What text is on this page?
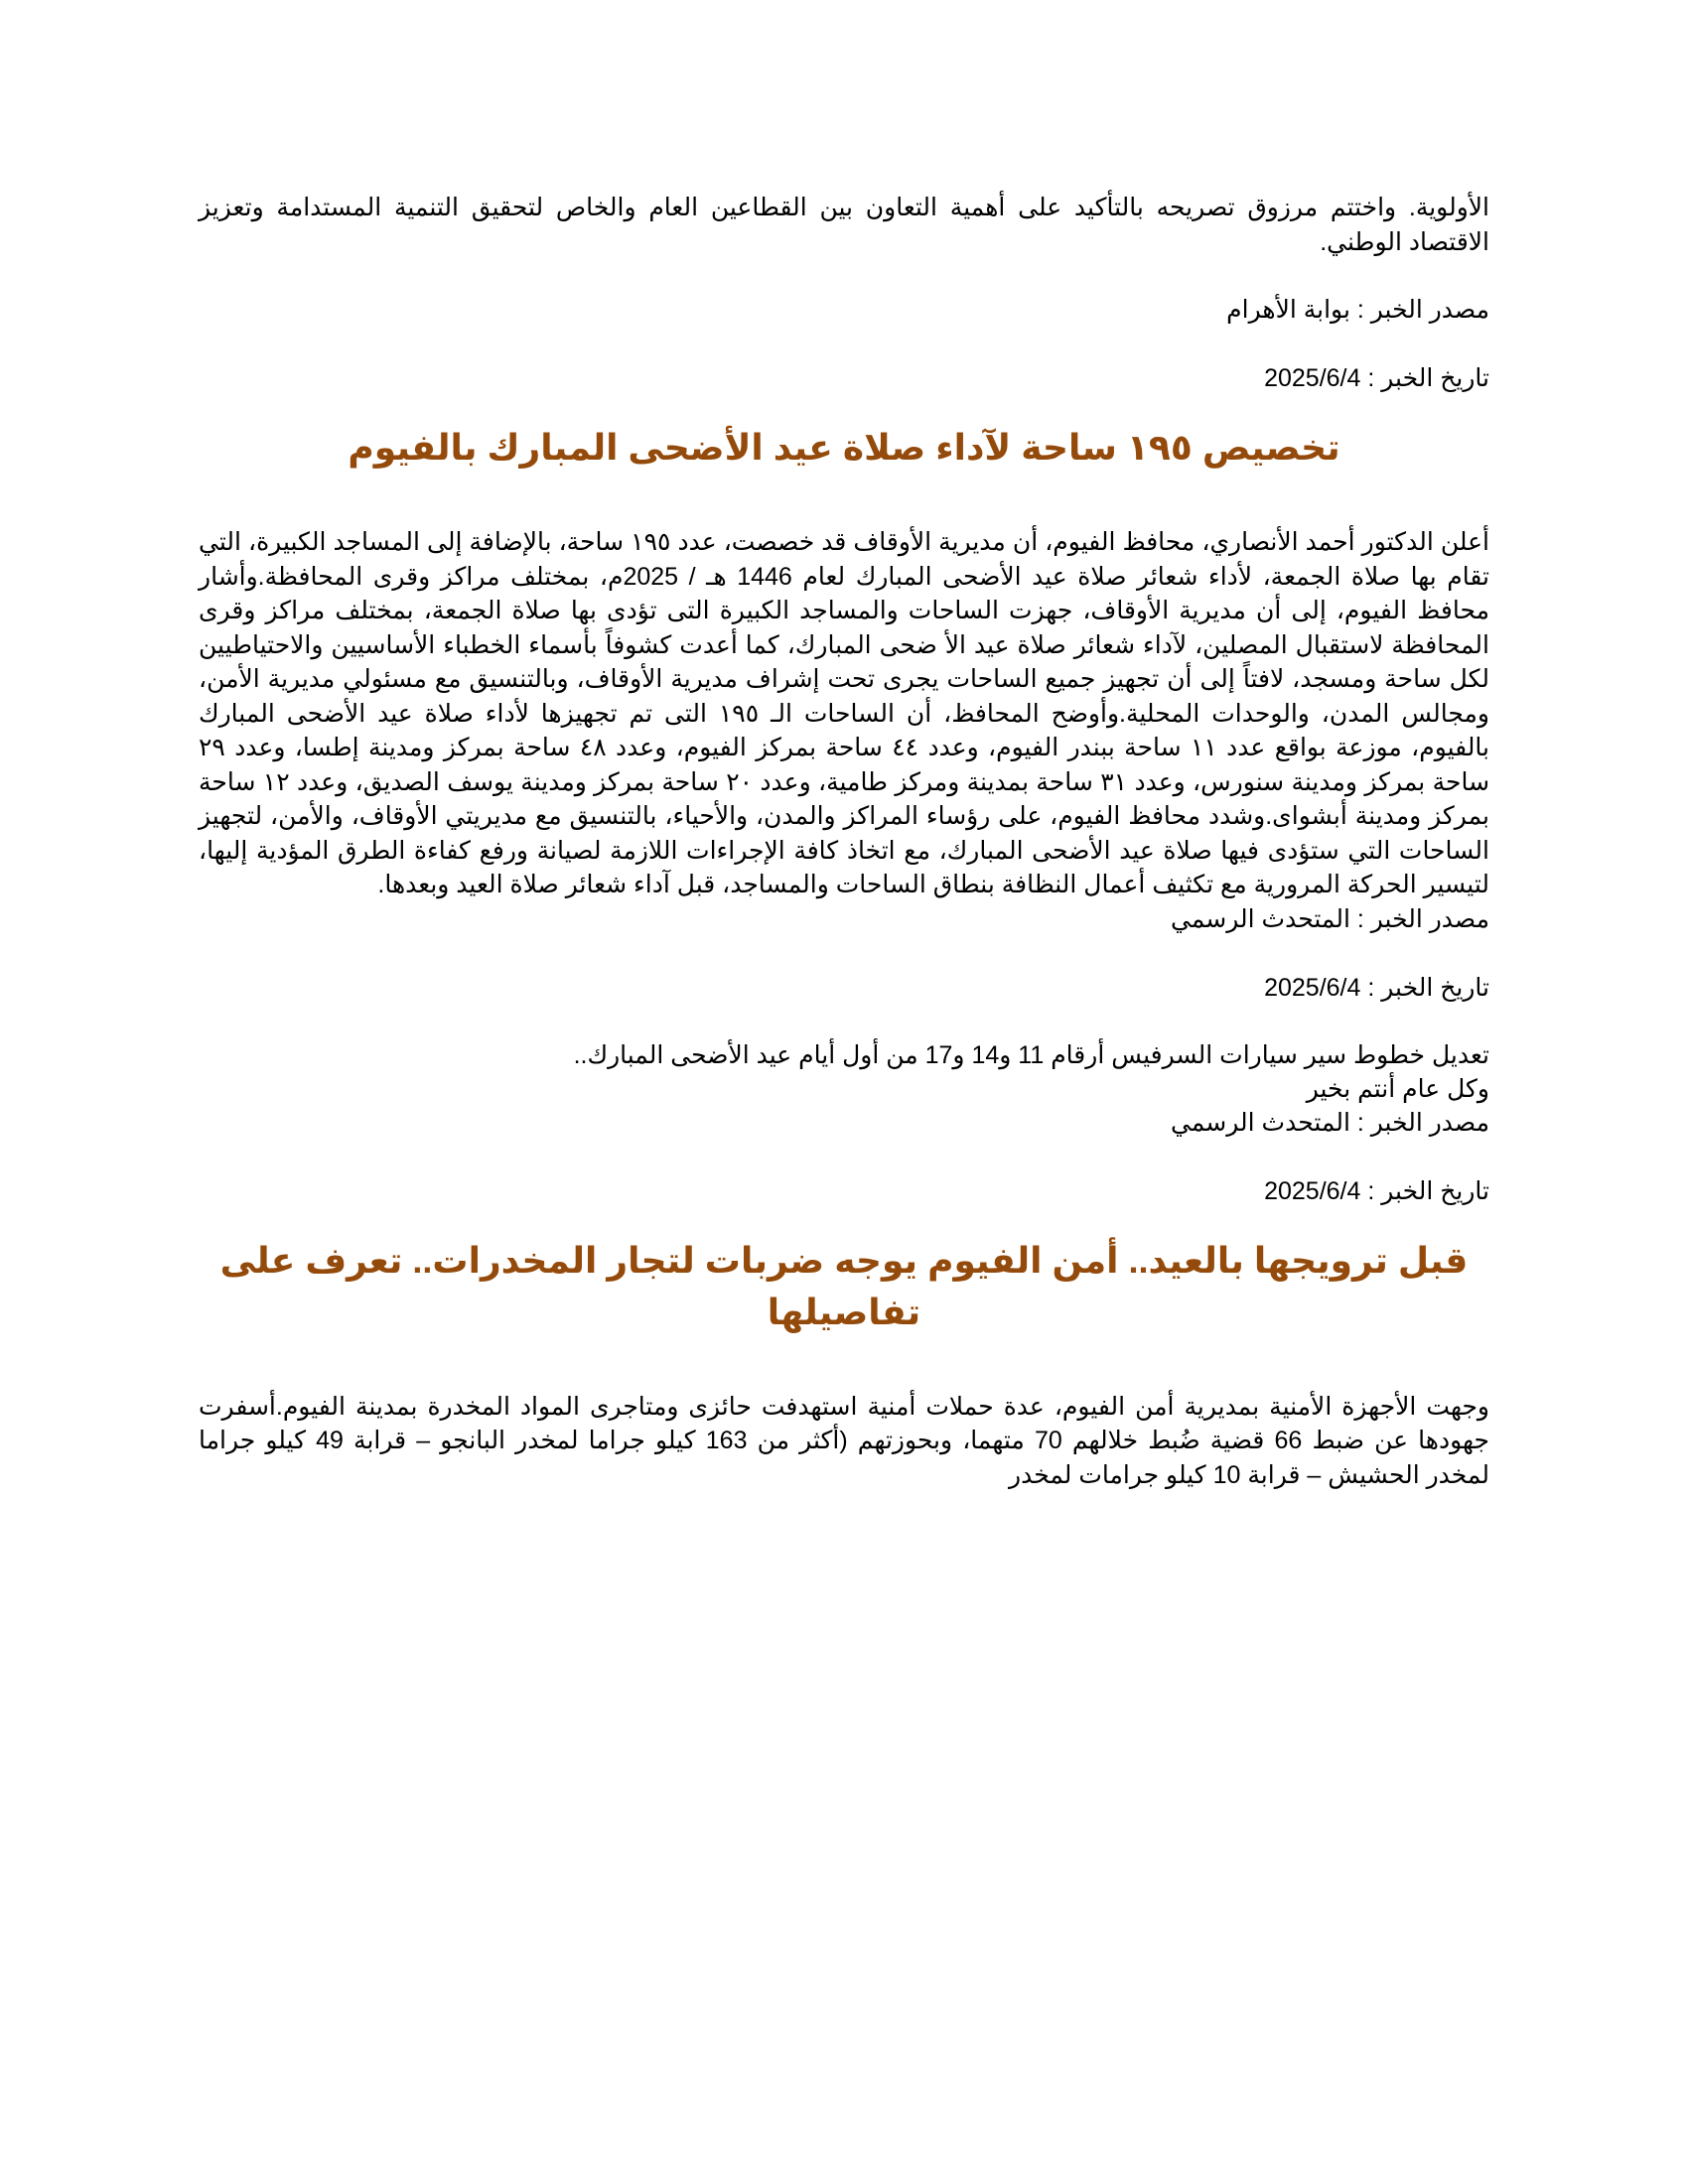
الأولوية. واختتم مرزوق تصريحه بالتأكيد على أهمية التعاون بين القطاعين العام والخاص لتحقيق التنمية المستدامة وتعزيز الاقتصاد الوطني.

مصدر الخبر : بوابة الأهرام

تاريخ الخبر : 2025/6/4

تخصيص ١٩٥ ساحة لآداء صلاة عيد الأضحى المبارك بالفيوم

أعلن الدكتور أحمد الأنصاري، محافظ الفيوم، أن مديرية الأوقاف قد خصصت، عدد ١٩٥ ساحة، بالإضافة إلى المساجد الكبيرة، التي تقام بها صلاة الجمعة، لأداء شعائر صلاة عيد الأضحى المبارك لعام 1446 هـ / 2025م، بمختلف مراكز وقرى المحافظة.وأشار محافظ الفيوم، إلى أن مديرية الأوقاف، جهزت الساحات والمساجد الكبيرة التى تؤدى بها صلاة الجمعة، بمختلف مراكز وقرى المحافظة لاستقبال المصلين، لآداء شعائر صلاة عيد الأ ضحى المبارك، كما أعدت كشوفاً بأسماء الخطباء الأساسيين والاحتياطيين لكل ساحة ومسجد، لافتاً إلى أن تجهيز جميع الساحات يجرى تحت إشراف مديرية الأوقاف، وبالتنسيق مع مسئولي مديرية الأمن، ومجالس المدن، والوحدات المحلية.وأوضح المحافظ، أن الساحات الـ ١٩٥ التى تم تجهيزها لأداء صلاة عيد الأضحى المبارك بالفيوم، موزعة بواقع عدد ١١ ساحة ببندر الفيوم، وعدد ٤٤ ساحة بمركز الفيوم، وعدد ٤٨ ساحة بمركز ومدينة إطسا، وعدد ٢٩ ساحة بمركز ومدينة سنورس، وعدد ٣١ ساحة بمدينة ومركز طامية، وعدد ٢٠ ساحة بمركز ومدينة يوسف الصديق، وعدد ١٢ ساحة بمركز ومدينة أبشواى.وشدد محافظ الفيوم، على رؤساء المراكز والمدن، والأحياء، بالتنسيق مع مديريتي الأوقاف، والأمن، لتجهيز الساحات التي ستؤدى فيها صلاة عيد الأضحى المبارك، مع اتخاذ كافة الإجراءات اللازمة لصيانة ورفع كفاءة الطرق المؤدية إليها، لتيسير الحركة المرورية مع تكثيف أعمال النظافة بنطاق الساحات والمساجد، قبل آداء شعائر صلاة العيد وبعدها.

مصدر الخبر : المتحدث الرسمي

تاريخ الخبر : 2025/6/4

تعديل خطوط سير سيارات السرفيس أرقام 11 و14 و17 من أول أيام عيد الأضحى المبارك..
وكل عام أنتم بخير
مصدر الخبر : المتحدث الرسمي

تاريخ الخبر : 2025/6/4

قبل ترويجها بالعيد.. أمن الفيوم يوجه ضربات لتجار المخدرات.. تعرف على تفاصيلها

وجهت الأجهزة الأمنية بمديرية أمن الفيوم، عدة حملات أمنية استهدفت حائزى ومتاجرى المواد المخدرة بمدينة الفيوم.أسفرت جهودها عن ضبط 66 قضية ضُبط خلالهم 70 متهما، وبحوزتهم (أكثر من 163 كيلو جراما لمخدر البانجو – قرابة 49 كيلو جراما لمخدر الحشيش – قرابة 10 كيلو جرامات لمخدر
